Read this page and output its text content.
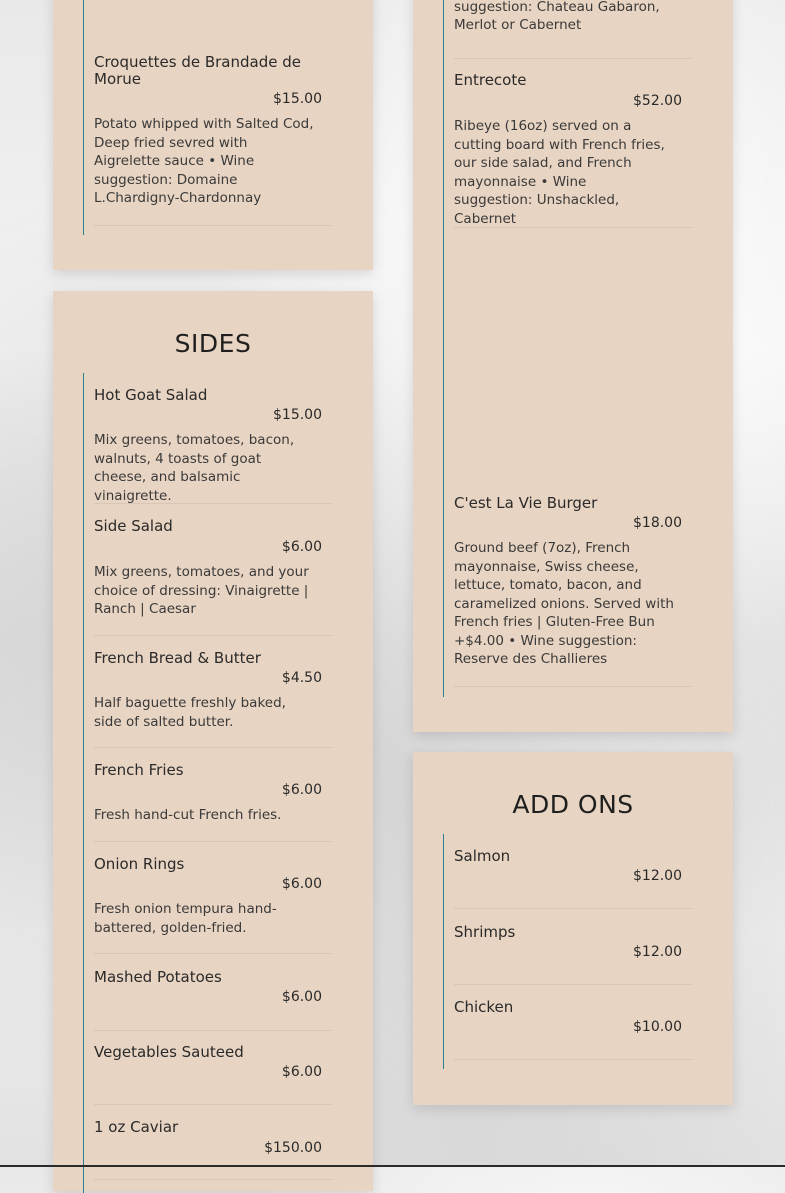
Croquettes de Brandade de Morue
$15.00
Potato whipped with Salted Cod, Deep fried sevred with Aigrelette sauce • Wine suggestion: Domaine L.Chardigny-Chardonnay
SIDES
Hot Goat Salad
$15.00
Mix greens, tomatoes, bacon, walnuts, 4 toasts of goat cheese, and balsamic vinaigrette.
Side Salad
$6.00
Mix greens, tomatoes, and your choice of dressing: Vinaigrette | Ranch | Caesar
French Bread & Butter
$4.50
Half baguette freshly baked, side of salted butter.
French Fries
$6.00
Fresh hand-cut French fries.
Onion Rings
$6.00
Fresh onion tempura hand-battered, golden-fried.
Mashed Potatoes
$6.00
Vegetables Sauteed
$6.00
1 oz Caviar
$150.00
suggestion: Chateau Gabaron, Merlot or Cabernet
Entrecote
$52.00
Ribeye (16oz) served on a cutting board with French fries, our side salad, and French mayonnaise • Wine suggestion: Unshackled, Cabernet
C'est La Vie Burger
$18.00
Ground beef (7oz), French mayonnaise, Swiss cheese, lettuce, tomato, bacon, and caramelized onions. Served with French fries | Gluten-Free Bun +$4.00 • Wine suggestion: Reserve des Challieres
ADD ONS
Salmon
$12.00
Shrimps
$12.00
Chicken
$10.00
